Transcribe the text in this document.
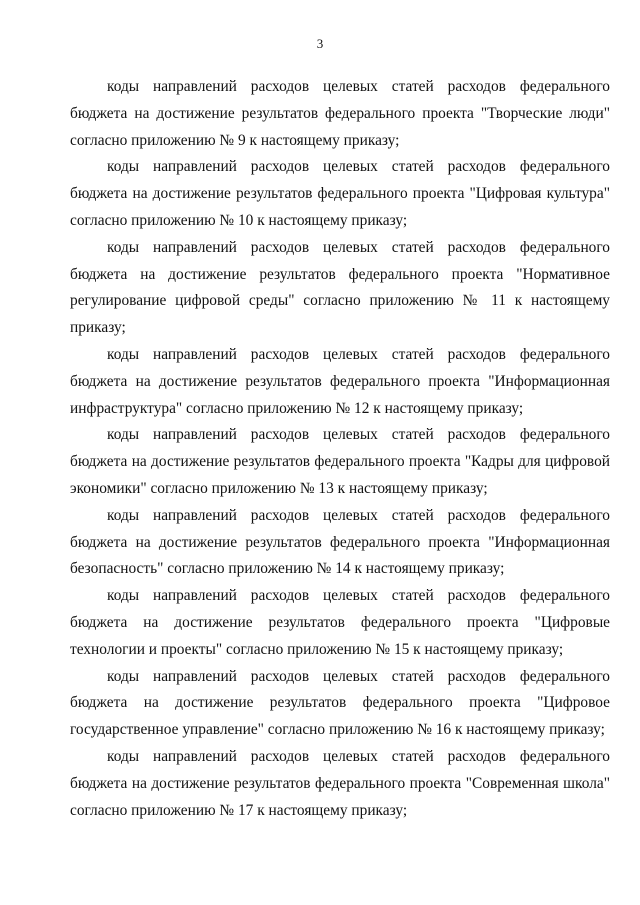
3

коды направлений расходов целевых статей расходов федерального бюджета на достижение результатов федерального проекта "Творческие люди" согласно приложению № 9 к настоящему приказу;

коды направлений расходов целевых статей расходов федерального бюджета на достижение результатов федерального проекта "Цифровая культура" согласно приложению № 10 к настоящему приказу;

коды направлений расходов целевых статей расходов федерального бюджета на достижение результатов федерального проекта "Нормативное регулирование цифровой среды" согласно приложению № 11 к настоящему приказу;

коды направлений расходов целевых статей расходов федерального бюджета на достижение результатов федерального проекта "Информационная инфраструктура" согласно приложению № 12 к настоящему приказу;

коды направлений расходов целевых статей расходов федерального бюджета на достижение результатов федерального проекта "Кадры для цифровой экономики" согласно приложению № 13 к настоящему приказу;

коды направлений расходов целевых статей расходов федерального бюджета на достижение результатов федерального проекта "Информационная безопасность" согласно приложению № 14 к настоящему приказу;

коды направлений расходов целевых статей расходов федерального бюджета на достижение результатов федерального проекта "Цифровые технологии и проекты" согласно приложению № 15 к настоящему приказу;

коды направлений расходов целевых статей расходов федерального бюджета на достижение результатов федерального проекта "Цифровое государственное управление" согласно приложению № 16 к настоящему приказу;

коды направлений расходов целевых статей расходов федерального бюджета на достижение результатов федерального проекта "Современная школа" согласно приложению № 17 к настоящему приказу;
